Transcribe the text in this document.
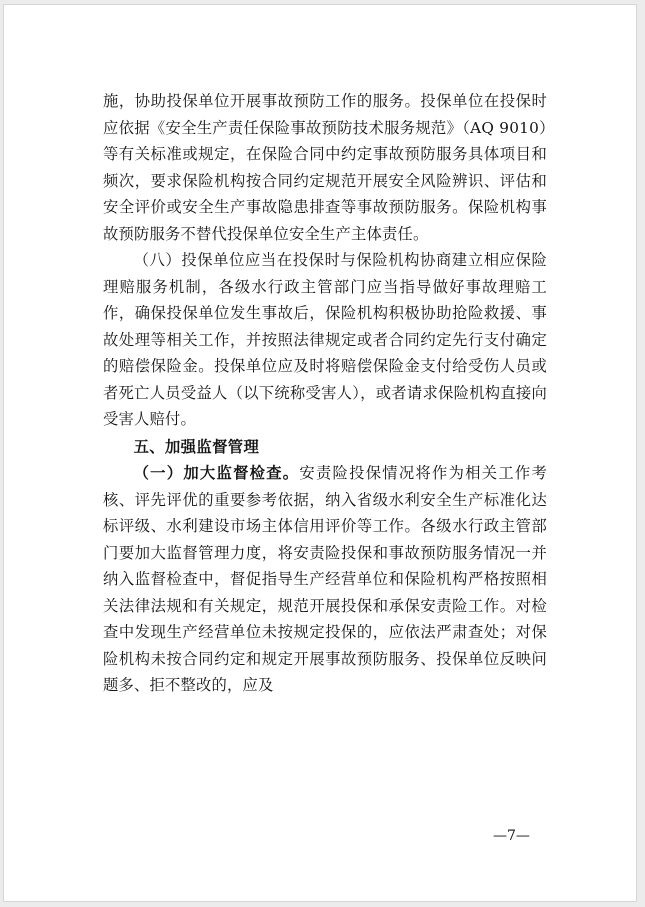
施，协助投保单位开展事故预防工作的服务。投保单位在投保时应依据《安全生产责任保险事故预防技术服务规范》（AQ 9010）等有关标准或规定，在保险合同中约定事故预防服务具体项目和频次，要求保险机构按合同约定规范开展安全风险辨识、评估和安全评价或安全生产事故隐患排查等事故预防服务。保险机构事故预防服务不替代投保单位安全生产主体责任。

（八）投保单位应当在投保时与保险机构协商建立相应保险理赔服务机制，各级水行政主管部门应当指导做好事故理赔工作，确保投保单位发生事故后，保险机构积极协助抢险救援、事故处理等相关工作，并按照法律规定或者合同约定先行支付确定的赔偿保险金。投保单位应及时将赔偿保险金支付给受伤人员或者死亡人员受益人（以下统称受害人），或者请求保险机构直接向受害人赔付。

五、加强监督管理

（一）加大监督检查。安责险投保情况将作为相关工作考核、评先评优的重要参考依据，纳入省级水利安全生产标准化达标评级、水利建设市场主体信用评价等工作。各级水行政主管部门要加大监督管理力度，将安责险投保和事故预防服务情况一并纳入监督检查中，督促指导生产经营单位和保险机构严格按照相关法律法规和有关规定，规范开展投保和承保安责险工作。对检查中发现生产经营单位未按规定投保的，应依法严肃查处；对保险机构未按合同约定和规定开展事故预防服务、投保单位反映问题多、拒不整改的，应及

—7—
